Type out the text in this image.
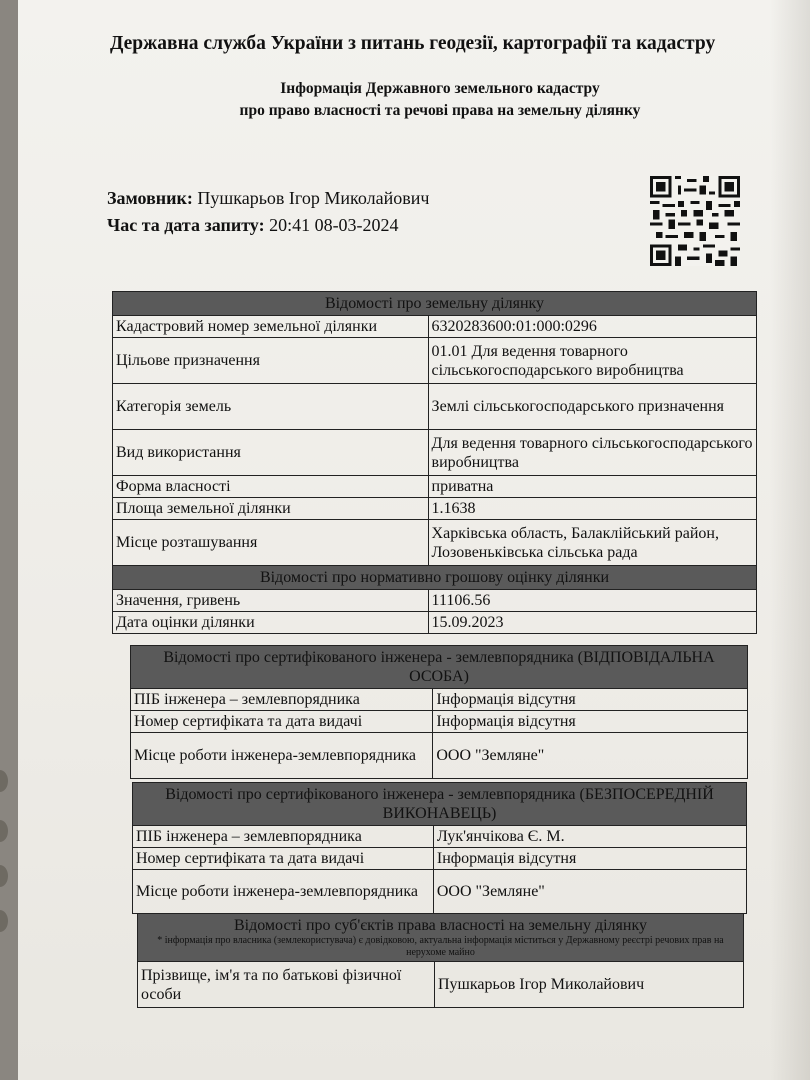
Державна служба України з питань геодезії, картографії та кадастру
Інформація Державного земельного кадастру
про право власності та речові права на земельну ділянку
Замовник: Пушкарьов Ігор Миколайович
Час та дата запиту: 20:41 08-03-2024
Відомості про земельну ділянку	
Кадастровий номер земельної ділянки	6320283600:01:000:0296
Цільове призначення	01.01 Для ведення товарного сільськогосподарського виробництва
Категорія земель	Землі сільськогосподарського призначення
Вид використання	Для ведення товарного сільськогосподарського виробництва
Форма власності	приватна
Площа земельної ділянки	1.1638
Місце розташування	Харківська область, Балаклійський район, Лозовеньківська сільська рада
Відомості про нормативно грошову оцінку ділянки	
Значення, гривень	11106.56
Дата оцінки ділянки	15.09.2023
Відомості про сертифікованого інженера - землевпорядника (ВІДПОВІДАЛЬНА ОСОБА)	
ПІБ інженера – землевпорядника	Інформація відсутня
Номер сертифіката та дата видачі	Інформація відсутня
Місце роботи інженера-землевпорядника	ООО "Земляне"
Відомості про сертифікованого інженера - землевпорядника (БЕЗПОСЕРЕДНІЙ ВИКОНАВЕЦЬ)	
ПІБ інженера – землевпорядника	Лук'янчікова Є. М.
Номер сертифіката та дата видачі	Інформація відсутня
Місце роботи інженера-землевпорядника	ООО "Земляне"
Відомості про суб'єктів права власності на земельну ділянку
* інформація про власника (землекористувача) є довідковою, актуальна інформація міститься у Державному реєстрі речових прав на нерухоме майно

Прізвище, ім'я та по батькові фізичної особи	Пушкарьов Ігор Миколайович
